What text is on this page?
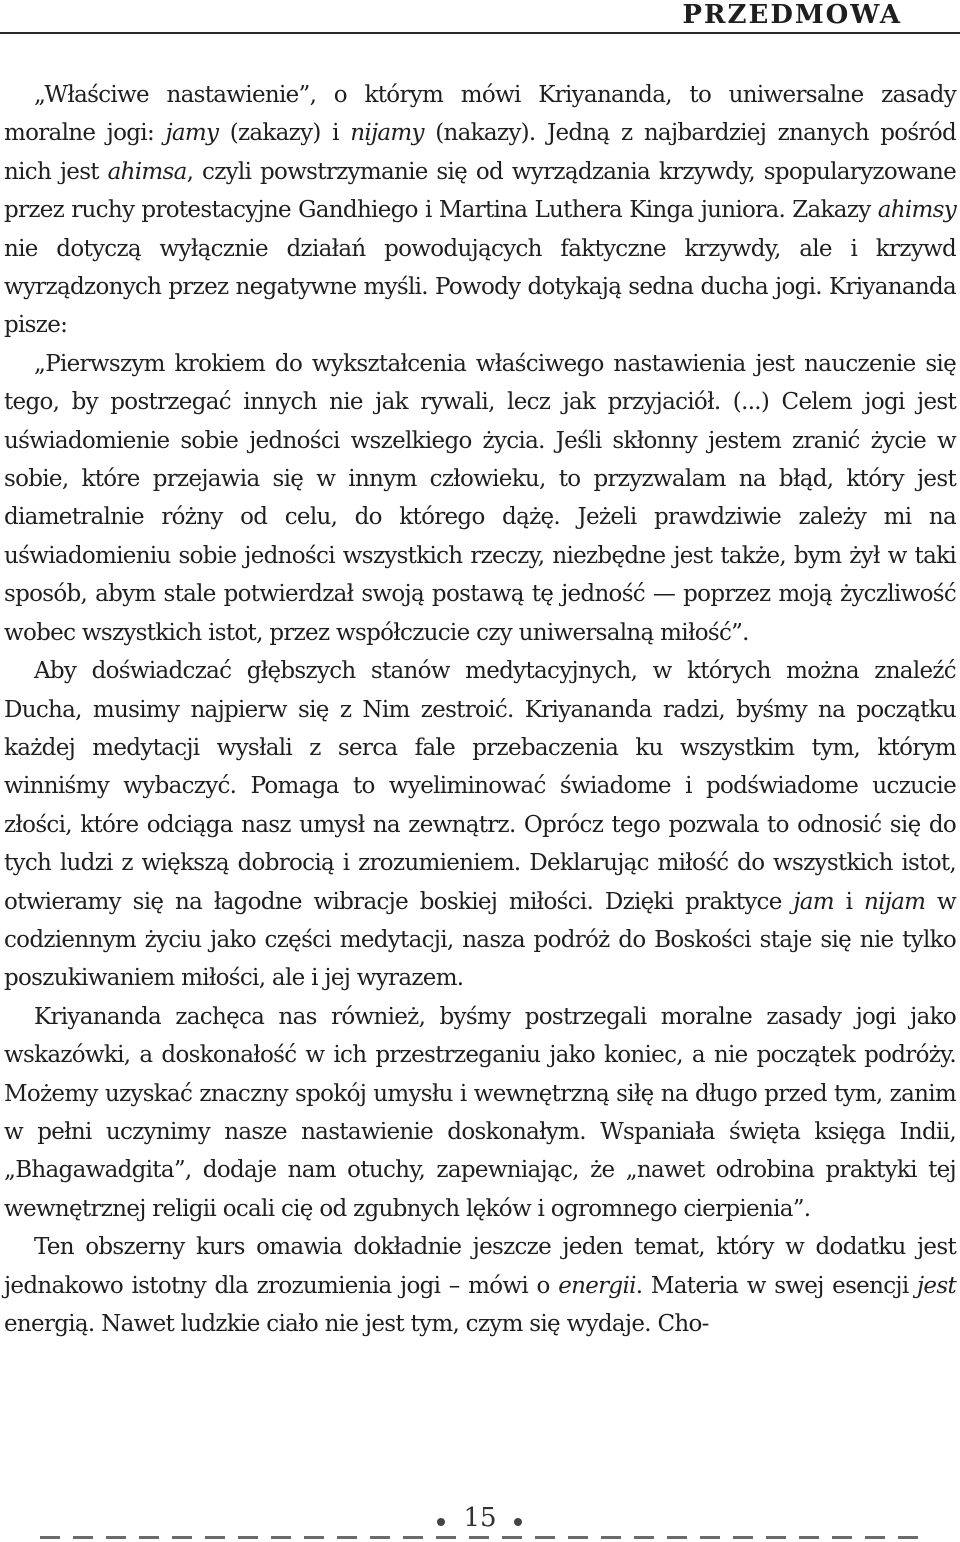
PRZEDMOWA

„Właściwe nastawienie”, o którym mówi Kriyananda, to uniwersalne zasady moralne jogi: jamy (zakazy) i nijamy (nakazy). Jedną z najbardziej znanych pośród nich jest ahimsa, czyli powstrzymanie się od wyrządzania krzywdy, spopularyzowane przez ruchy protestacyjne Gandhiego i Martina Luthera Kinga juniora. Zakazy ahimsy nie dotyczą wyłącznie działań powodujących faktyczne krzywdy, ale i krzywd wyrządzonych przez negatywne myśli. Powody dotykają sedna ducha jogi. Kriyananda pisze:

„Pierwszym krokiem do wykształcenia właściwego nastawienia jest nauczenie się tego, by postrzegać innych nie jak rywali, lecz jak przyjaciół. (...) Celem jogi jest uświadomienie sobie jedności wszelkiego życia. Jeśli skłonny jestem zranić życie w sobie, które przejawia się w innym człowieku, to przyzwalam na błąd, który jest diametralnie różny od celu, do którego dążę. Jeżeli prawdziwie zależy mi na uświadomieniu sobie jedności wszystkich rzeczy, niezbędne jest także, bym żył w taki sposób, abym stale potwierdzał swoją postawą tę jedność — poprzez moją życzliwość wobec wszystkich istot, przez współczucie czy uniwersalną miłość”.

Aby doświadczać głębszych stanów medytacyjnych, w których można znaleźć Ducha, musimy najpierw się z Nim zestroić. Kriyananda radzi, byśmy na początku każdej medytacji wysłali z serca fale przebaczenia ku wszystkim tym, którym winniśmy wybaczyć. Pomaga to wyeliminować świadome i podświadome uczucie złości, które odciąga nasz umysł na zewnątrz. Oprócz tego pozwala to odnosić się do tych ludzi z większą dobrocią i zrozumieniem. Deklarując miłość do wszystkich istot, otwieramy się na łagodne wibracje boskiej miłości. Dzięki praktyce jam i nijam w codziennym życiu jako części medytacji, nasza podróż do Boskości staje się nie tylko poszukiwaniem miłości, ale i jej wyrazem.

Kriyananda zachęca nas również, byśmy postrzegali moralne zasady jogi jako wskazówki, a doskonałość w ich przestrzeganiu jako koniec, a nie początek podróży. Możemy uzyskać znaczny spokój umysłu i wewnętrzną siłę na długo przed tym, zanim w pełni uczynimy nasze nastawienie doskonałym. Wspaniała święta księga Indii, „Bhagawadgita”, dodaje nam otuchy, zapewniając, że „nawet odrobina praktyki tej wewnętrznej religii ocali cię od zgubnych lęków i ogromnego cierpienia”.

Ten obszerny kurs omawia dokładnie jeszcze jeden temat, który w dodatku jest jednakowo istotny dla zrozumienia jogi – mówi o energii. Materia w swej esencji jest energią. Nawet ludzkie ciało nie jest tym, czym się wydaje. Cho-

15
